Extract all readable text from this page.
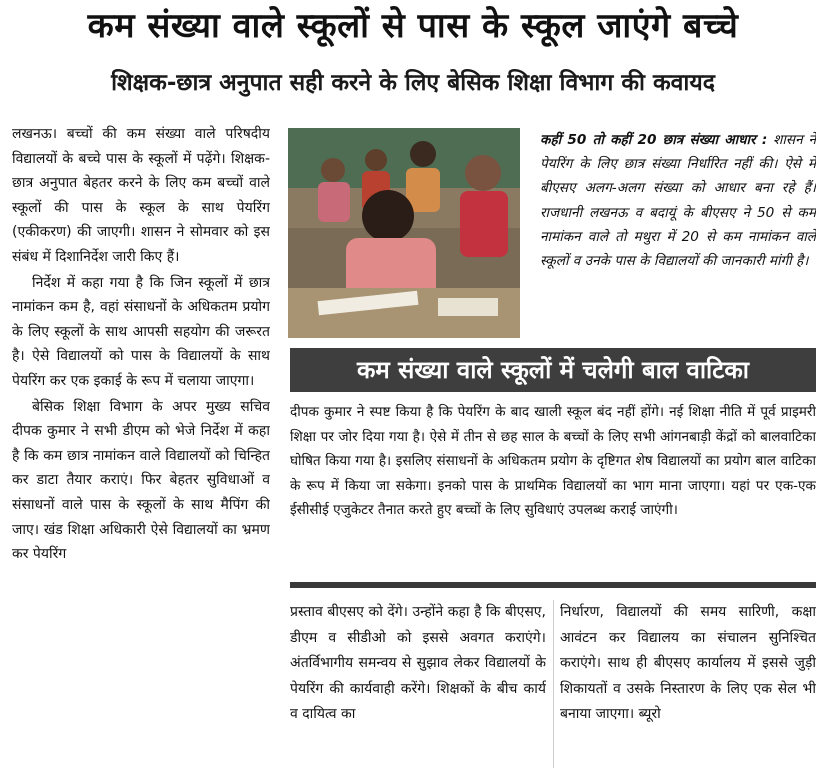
कम संख्या वाले स्कूलों से पास के स्कूल जाएंगे बच्चे
शिक्षक-छात्र अनुपात सही करने के लिए बेसिक शिक्षा विभाग की कवायद

लखनऊ। बच्चों की कम संख्या वाले परिषदीय विद्यालयों के बच्चे पास के स्कूलों में पढ़ेंगे। शिक्षक-छात्र अनुपात बेहतर करने के लिए कम बच्चों वाले स्कूलों की पास के स्कूल के साथ पेयरिंग (एकीकरण) की जाएगी। शासन ने सोमवार को इस संबंध में दिशानिर्देश जारी किए हैं।

निर्देश में कहा गया है कि जिन स्कूलों में छात्र नामांकन कम है, वहां संसाधनों के अधिकतम प्रयोग के लिए स्कूलों के साथ आपसी सहयोग की जरूरत है। ऐसे विद्यालयों को पास के विद्यालयों के साथ पेयरिंग कर एक इकाई के रूप में चलाया जाएगा।

बेसिक शिक्षा विभाग के अपर मुख्य सचिव दीपक कुमार ने सभी डीएम को भेजे निर्देश में कहा है कि कम छात्र नामांकन वाले विद्यालयों को चिन्हित कर डाटा तैयार कराएं। फिर बेहतर सुविधाओं व संसाधनों वाले पास के स्कूलों के साथ मैपिंग की जाए। खंड शिक्षा अधिकारी ऐसे विद्यालयों का भ्रमण कर पेयरिंग

कहीं 50 तो कहीं 20 छात्र संख्या आधार : शासन ने पेयरिंग के लिए छात्र संख्या निर्धारित नहीं की। ऐसे में बीएसए अलग-अलग संख्या को आधार बना रहे हैं। राजधानी लखनऊ व बदायूं के बीएसए ने 50 से कम नामांकन वाले तो मथुरा में 20 से कम नामांकन वाले स्कूलों व उनके पास के विद्यालयों की जानकारी मांगी है।

कम संख्या वाले स्कूलों में चलेगी बाल वाटिका

दीपक कुमार ने स्पष्ट किया है कि पेयरिंग के बाद खाली स्कूल बंद नहीं होंगे। नई शिक्षा नीति में पूर्व प्राइमरी शिक्षा पर जोर दिया गया है। ऐसे में तीन से छह साल के बच्चों के लिए सभी आंगनबाड़ी केंद्रों को बालवाटिका घोषित किया गया है। इसलिए संसाधनों के अधिकतम प्रयोग के दृष्टिगत शेष विद्यालयों का प्रयोग बाल वाटिका के रूप में किया जा सकेगा। इनको पास के प्राथमिक विद्यालयों का भाग माना जाएगा। यहां पर एक-एक ईसीसीई एजुकेटर तैनात करते हुए बच्चों के लिए सुविधाएं उपलब्ध कराई जाएंगी।

प्रस्ताव बीएसए को देंगे। उन्होंने कहा है कि बीएसए, डीएम व सीडीओ को इससे अवगत कराएंगे। अंतर्विभागीय समन्वय से सुझाव लेकर विद्यालयों के पेयरिंग की कार्यवाही करेंगे। शिक्षकों के बीच कार्य व दायित्व का

निर्धारण, विद्यालयों की समय सारिणी, कक्षा आवंटन कर विद्यालय का संचालन सुनिश्चित कराएंगे। साथ ही बीएसए कार्यालय में इससे जुड़ी शिकायतों व उसके निस्तारण के लिए एक सेल भी बनाया जाएगा। ब्यूरो
